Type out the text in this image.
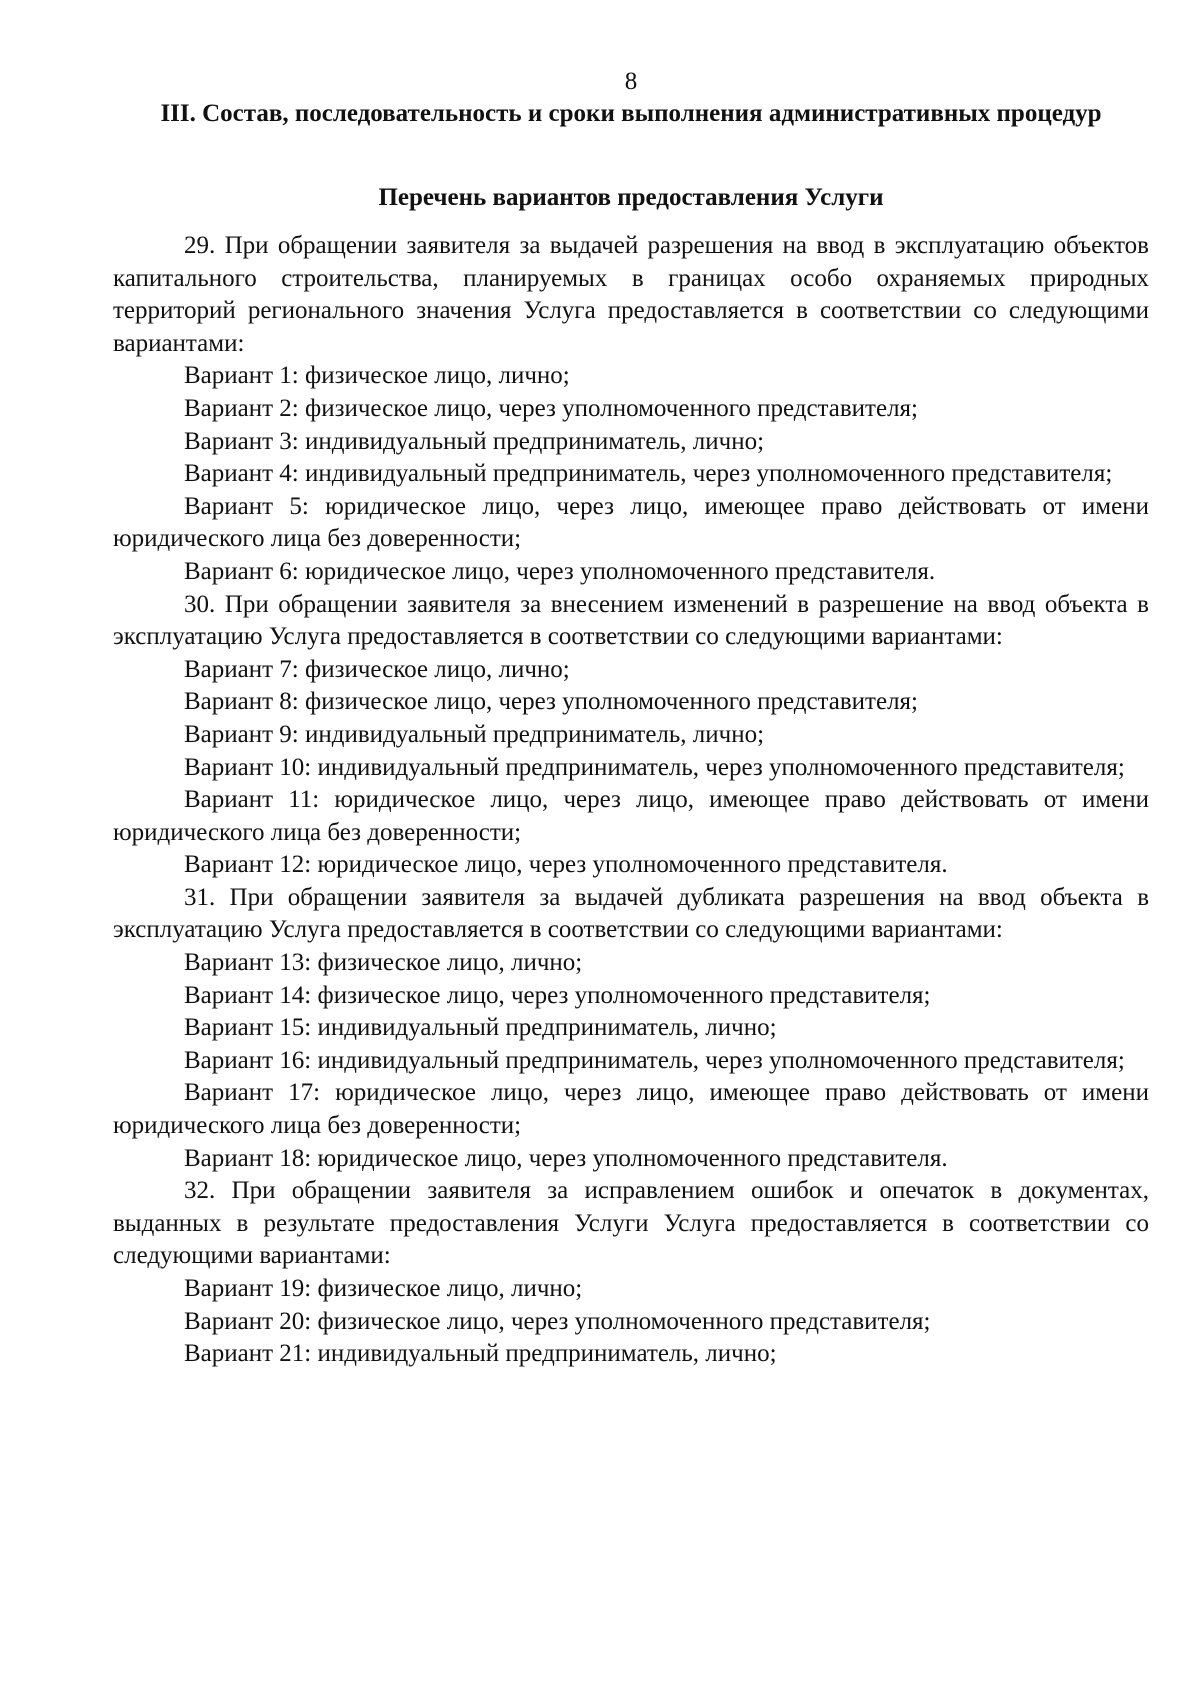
8
III. Состав, последовательность и сроки выполнения административных процедур
Перечень вариантов предоставления Услуги

29. При обращении заявителя за выдачей разрешения на ввод в эксплуатацию объектов капитального строительства, планируемых в границах особо охраняемых природных территорий регионального значения Услуга предоставляется в соответствии со следующими вариантами:

Вариант 1: физическое лицо, лично;

Вариант 2: физическое лицо, через уполномоченного представителя;

Вариант 3: индивидуальный предприниматель, лично;

Вариант 4: индивидуальный предприниматель, через уполномоченного представителя;

Вариант 5: юридическое лицо, через лицо, имеющее право действовать от имени юридического лица без доверенности;

Вариант 6: юридическое лицо, через уполномоченного представителя.

30. При обращении заявителя за внесением изменений в разрешение на ввод объекта в эксплуатацию Услуга предоставляется в соответствии со следующими вариантами:

Вариант 7: физическое лицо, лично;

Вариант 8: физическое лицо, через уполномоченного представителя;

Вариант 9: индивидуальный предприниматель, лично;

Вариант 10: индивидуальный предприниматель, через уполномоченного представителя;

Вариант 11: юридическое лицо, через лицо, имеющее право действовать от имени юридического лица без доверенности;

Вариант 12: юридическое лицо, через уполномоченного представителя.

31. При обращении заявителя за выдачей дубликата разрешения на ввод объекта в эксплуатацию Услуга предоставляется в соответствии со следующими вариантами:

Вариант 13: физическое лицо, лично;

Вариант 14: физическое лицо, через уполномоченного представителя;

Вариант 15: индивидуальный предприниматель, лично;

Вариант 16: индивидуальный предприниматель, через уполномоченного представителя;

Вариант 17: юридическое лицо, через лицо, имеющее право действовать от имени юридического лица без доверенности;

Вариант 18: юридическое лицо, через уполномоченного представителя.

32. При обращении заявителя за исправлением ошибок и опечаток в документах, выданных в результате предоставления Услуги Услуга предоставляется в соответствии со следующими вариантами:

Вариант 19: физическое лицо, лично;

Вариант 20: физическое лицо, через уполномоченного представителя;

Вариант 21: индивидуальный предприниматель, лично;
